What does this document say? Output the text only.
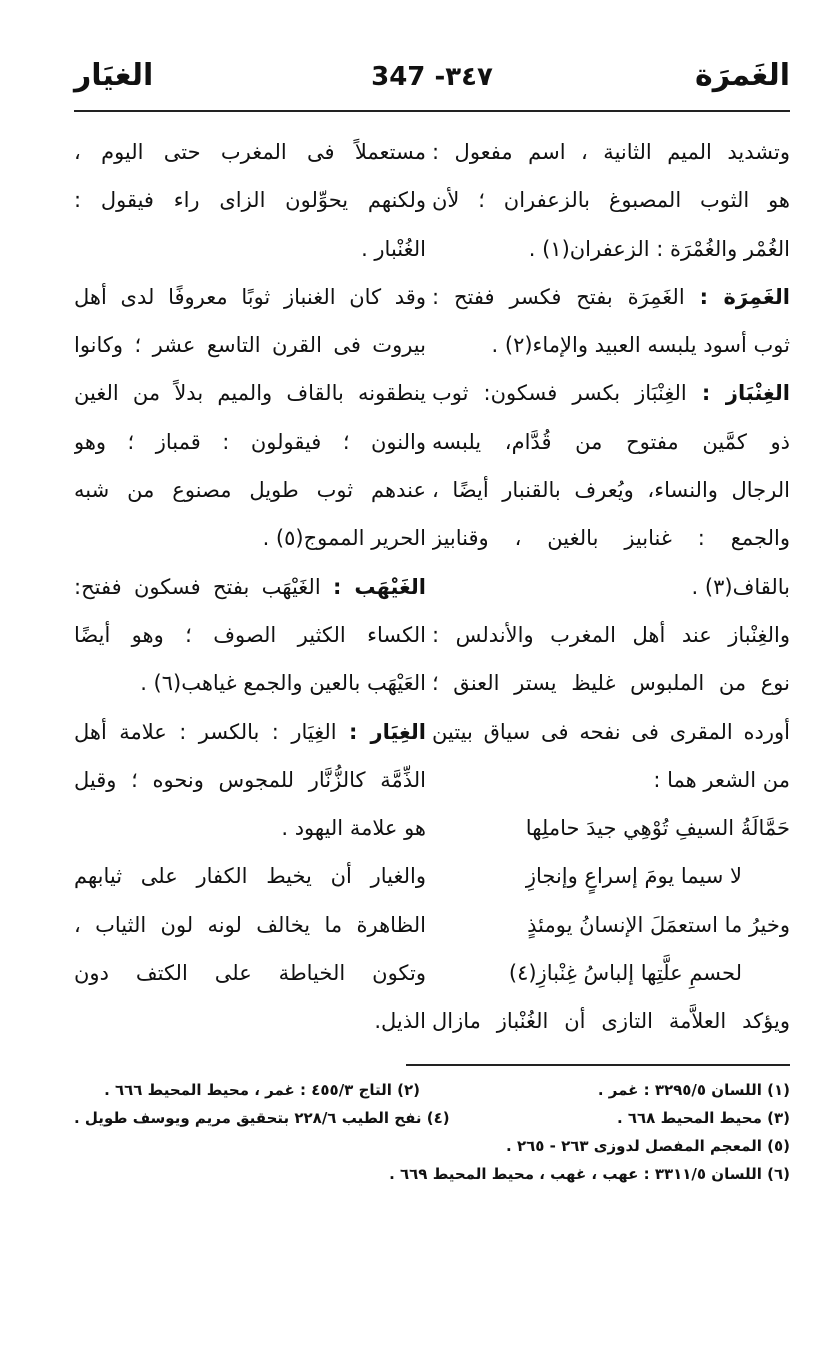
الغَمرَة
347 -٣٤٧
الغيَار
وتشديد الميم الثانية ، اسم مفعول :
هو الثوب المصبوغ بالزعفران ؛ لأن
الغُمْر والغُمْرَة : الزعفران(١) .
الغَمِرَة : الغَمِرَة بفتح فكسر ففتح :
ثوب أسود يلبسه العبيد والإماء(٢) .
الغِنْبَاز : الغِنْبَاز بكسر فسكون: ثوب
ذو كمَّين مفتوح من قُدَّام، يلبسه
الرجال والنساء، ويُعرف بالقنبار أيضًا ،
والجمع : غنابيز بالغين ، وقنابيز
بالقاف(٣) .
والغِنْباز عند أهل المغرب والأندلس :
نوع من الملبوس غليظ يستر العنق ؛
أورده المقرى فى نفحه فى سياق بيتين
من الشعر هما :
حَمَّالَةُ السيفِ تُوْهِي جيدَ حاملِها
لا سيما يومَ إسراعٍ وإنجازِ
وخيرُ ما استعمَلَ الإنسانُ يومئذٍ
لحسمِ علَّتِها إلباسُ غِنْبازِ(٤)
ويؤكد العلاَّمة التازى أن الغُنْباز مازال
مستعملاً فى المغرب حتى اليوم ،
ولكنهم يحوِّلون الزاى راء فيقول :
الغُنْبار .
وقد كان الغنباز ثوبًا معروفًا لدى أهل
بيروت فى القرن التاسع عشر ؛ وكانوا
ينطقونه بالقاف والميم بدلاً من الغين
والنون ؛ فيقولون : قمباز ؛ وهو
عندهم ثوب طويل مصنوع من شبه
الحرير المموج(٥) .
الغَيْهَب : الغَيْهَب بفتح فسكون ففتح:
الكساء الكثير الصوف ؛ وهو أيضًا
العَيْهَب بالعين والجمع غياهب(٦) .
الغِيَار : الغِيَار : بالكسر : علامة أهل
الذِّمَّة كالزُّنَّار للمجوس ونحوه ؛ وقيل
هو علامة اليهود .
والغيار أن يخيط الكفار على ثيابهم
الظاهرة ما يخالف لونه لون الثياب ،
وتكون الخياطة على الكتف دون
الذيل.
(١) اللسان ٣٢٩٥/٥ : غمر .
(٢) التاج ٤٥٥/٣ : غمر ، محيط المحيط ٦٦٦ .
(٣) محيط المحيط ٦٦٨ .
(٤) نفح الطيب ٢٢٨/٦ بتحقيق مريم ويوسف طويل .
(٥) المعجم المفصل لدوزى ٢٦٣ - ٢٦٥ .
(٦) اللسان ٣٣١١/٥ : عهب ، غهب ، محيط المحيط ٦٦٩ .
